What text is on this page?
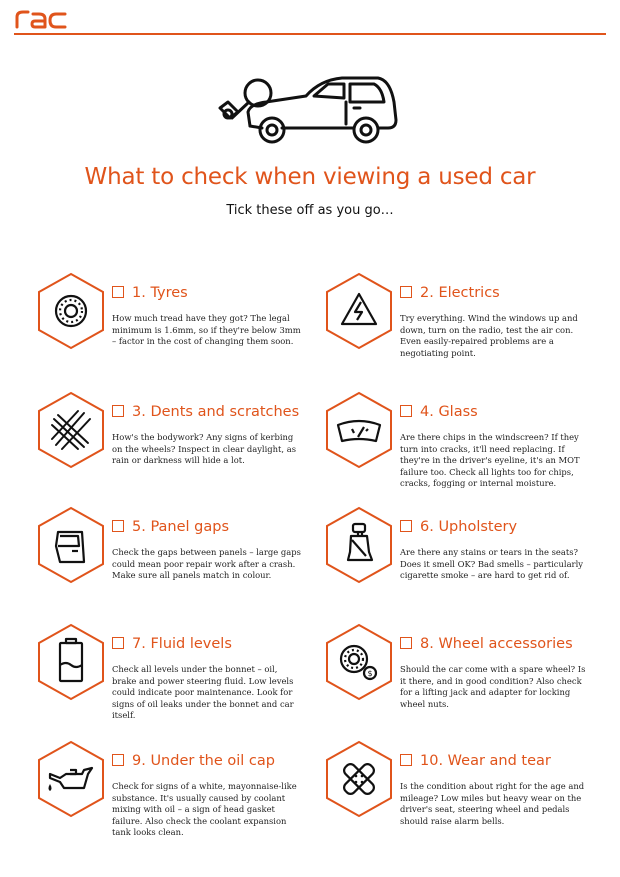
What to check when viewing a used car
Tick these off as you go…
1. Tyres
How much tread have they got? The legal minimum is 1.6mm, so if they're below 3mm – factor in the cost of changing them soon.
2. Electrics
Try everything. Wind the windows up and down, turn on the radio, test the air con. Even easily-repaired problems are a negotiating point.
3. Dents and scratches
How's the bodywork? Any signs of kerbing on the wheels? Inspect in clear daylight, as rain or darkness will hide a lot.
4. Glass
Are there chips in the windscreen? If they turn into cracks, it'll need replacing. If they're in the driver's eyeline, it's an MOT failure too. Check all lights too for chips, cracks, fogging or internal moisture.
5. Panel gaps
Check the gaps between panels – large gaps could mean poor repair work after a crash. Make sure all panels match in colour.
6. Upholstery
Are there any stains or tears in the seats? Does it smell OK? Bad smells – particularly cigarette smoke – are hard to get rid of.
7. Fluid levels
Check all levels under the bonnet – oil, brake and power steering fluid. Low levels could indicate poor maintenance. Look for signs of oil leaks under the bonnet and car itself.
$
8. Wheel accessories
Should the car come with a spare wheel? Is it there, and in good condition? Also check for a lifting jack and adapter for locking wheel nuts.
9. Under the oil cap
Check for signs of a white, mayonnaise-like substance. It's usually caused by coolant mixing with oil – a sign of head gasket failure. Also check the coolant expansion tank looks clean.
10. Wear and tear
Is the condition about right for the age and mileage? Low miles but heavy wear on the driver's seat, steering wheel and pedals should raise alarm bells.
